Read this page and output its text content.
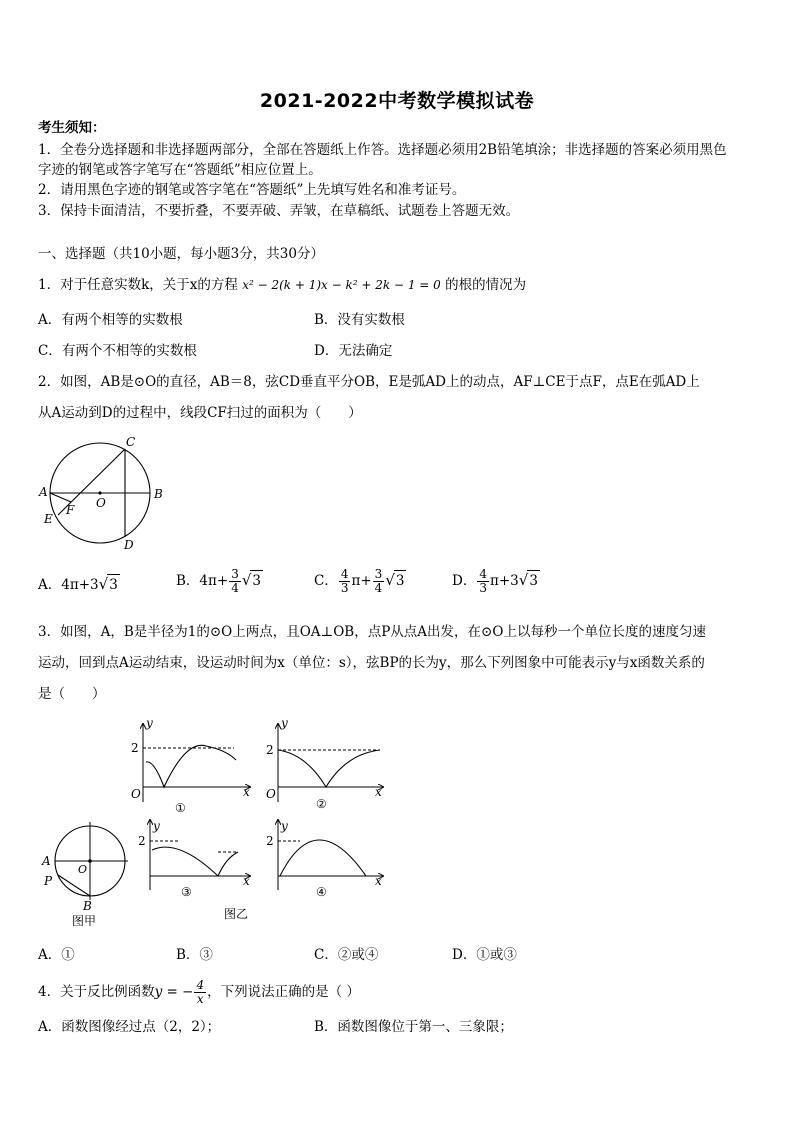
2021-2022中考数学模拟试卷
考生须知：
1．全卷分选择题和非选择题两部分，全部在答题纸上作答。选择题必须用2B铅笔填涂；非选择题的答案必须用黑色
字迹的钢笔或答字笔写在“答题纸”相应位置上。
2．请用黑色字迹的钢笔或答字笔在“答题纸”上先填写姓名和准考证号。
3．保持卡面清洁，不要折叠，不要弄破、弄皱，在草稿纸、试题卷上答题无效。
一、选择题（共10小题，每小题3分，共30分）
1．对于任意实数k，关于x的方程 x² − 2(k + 1)x − k² + 2k − 1 = 0 的根的情况为
A．有两个相等的实数根	B．没有实数根
C．有两个不相等的实数根	D．无法确定
2．如图，AB是⊙O的直径，AB＝8，弦CD垂直平分OB，E是弧AD上的动点，AF⊥CE于点F，点E在弧AD上
从A运动到D的过程中，线段CF扫过的面积为（　　）
A	B
C
D
E
F O
A．4π+3√3	B．$4\pi+ \frac{3}{4} √3$	C． $\frac{4}{3} \pi+ \frac{3}{4} √3$	D． $\frac{4}{3} \pi+3√3$
3．如图，A，B是半径为1的⊙O上两点，且OA⊥OB，点P从点A出发，在⊙O上以每秒一个单位长度的速度匀速
运动，回到点A运动结束，设运动时间为x（单位：s），弦BP的长为y，那么下列图象中可能表示y与x函数关系的
是（　　）
y
2
O	x
①
y
2
O	x
②
A
P
O
B
图甲
y
2
x
③
y
2
x
④
图乙
A．①	B．③	C．②或④	D．①或③
4．关于反比例函数y = − $\frac{4}{x}$ ，下列说法正确的是（ ）
A．函数图像经过点（2，2）；	B．函数图像位于第一、三象限；
